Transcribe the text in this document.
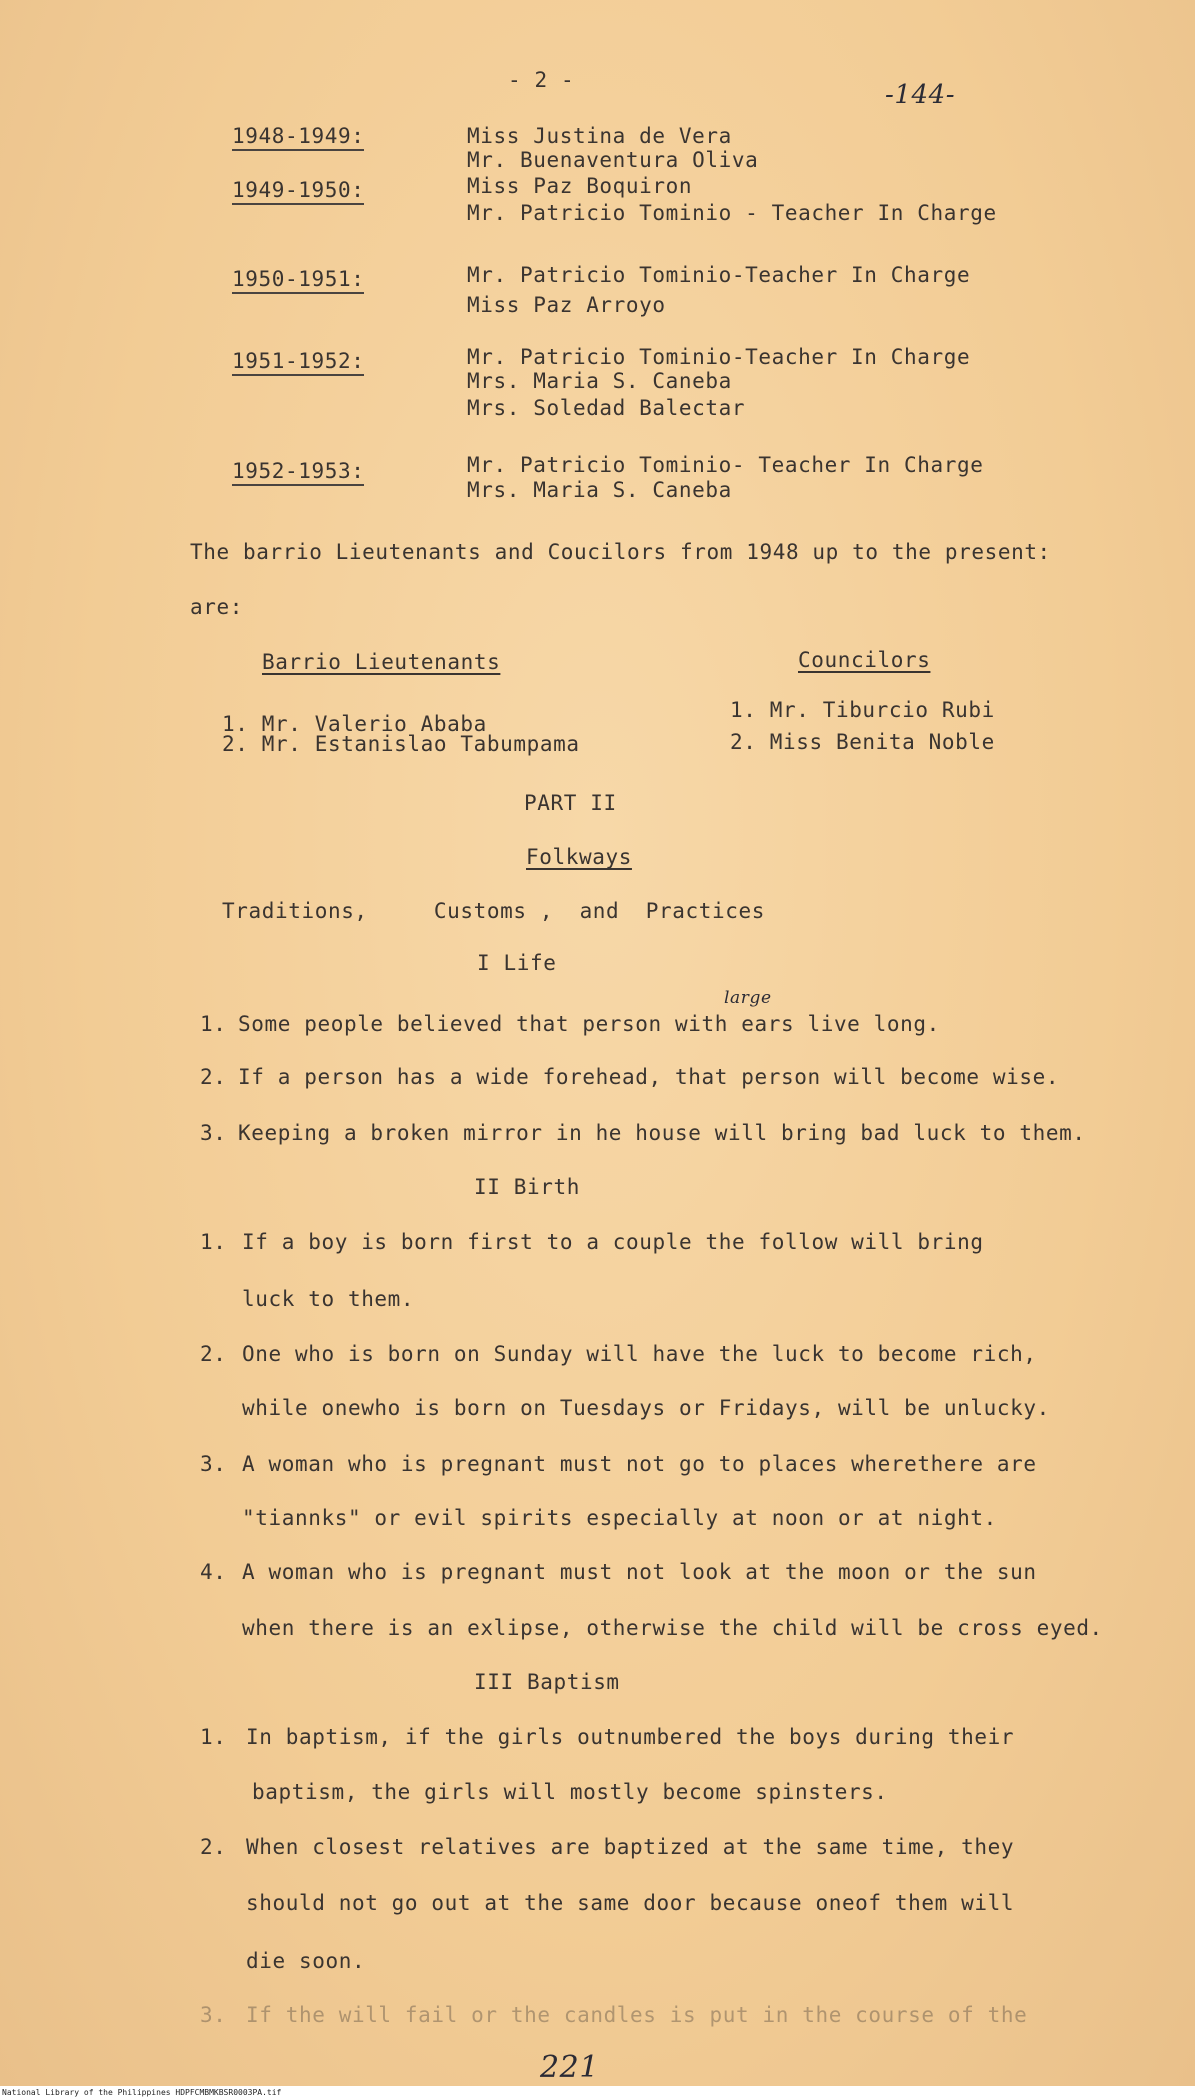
- 2 -	-144-
1948-1949:	Miss Justina de Vera
Mr. Buenaventura Oliva
1949-1950:	Miss Paz Boquiron
Mr. Patricio Tominio - Teacher In Charge
1950-1951:	Mr. Patricio Tominio-Teacher In Charge
Miss Paz Arroyo
1951-1952:	Mr. Patricio Tominio-Teacher In Charge
Mrs. Maria S. Caneba
Mrs. Soledad Balectar
1952-1953:	Mr. Patricio Tominio- Teacher In Charge
Mrs. Maria S. Caneba
The barrio Lieutenants and Coucilors from 1948 up to the present:
are:
Barrio Lieutenants
1. Mr. Valerio Ababa
2. Mr. Estanislao Tabumpama
Councilors
1. Mr. Tiburcio Rubi
2. Miss Benita Noble
PART II
Folkways
Traditions,     Customs ,  and  Practices
I Life
1. Some people believed that person with ears live long.
large
2. If a person has a wide forehead, that person will become wise.
3. Keeping a broken mirror in he house will bring bad luck to them.
II Birth
1. If a boy is born first to a couple the follow will bring
luck to them.
2. One who is born on Sunday will have the luck to become rich,
while onewho is born on Tuesdays or Fridays, will be unlucky.
3. A woman who is pregnant must not go to places wherethere are
"tiannks" or evil spirits especially at noon or at night.
4. A woman who is pregnant must not look at the moon or the sun
when there is an exlipse, otherwise the child will be cross eyed.
III Baptism
1. In baptism, if the girls outnumbered the boys during their
baptism, the girls will mostly become spinsters.
2. When closest relatives are baptized at the same time, they
should not go out at the same door because oneof them will
die soon.
3. If the will fail or the candles is put in the course of the
221
National Library of the Philippines HDPFCMBMKBSR0003PA.tif
